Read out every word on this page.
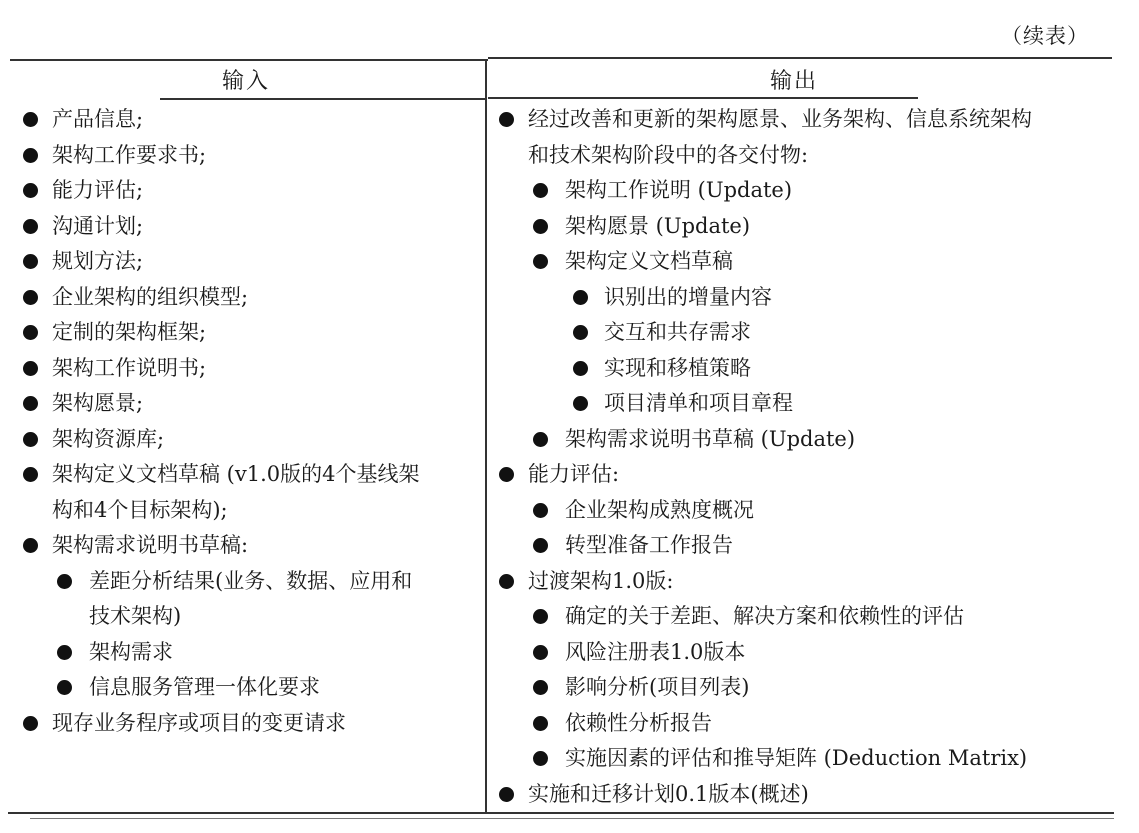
（续表）
输入	输出
产品信息;
架构工作要求书;
能力评估;
沟通计划;
规划方法;
企业架构的组织模型;
定制的架构框架;
架构工作说明书;
架构愿景;
架构资源库;
架构定义文档草稿 (v1.0版的4个基线架
构和4个目标架构);
架构需求说明书草稿:
差距分析结果(业务、数据、应用和
技术架构)
架构需求
信息服务管理一体化要求
现存业务程序或项目的变更请求
经过改善和更新的架构愿景、业务架构、信息系统架构
和技术架构阶段中的各交付物:
架构工作说明 (Update)
架构愿景 (Update)
架构定义文档草稿
识别出的增量内容
交互和共存需求
实现和移植策略
项目清单和项目章程
架构需求说明书草稿 (Update)
能力评估:
企业架构成熟度概况
转型准备工作报告
过渡架构1.0版:
确定的关于差距、解决方案和依赖性的评估
风险注册表1.0版本
影响分析(项目列表)
依赖性分析报告
实施因素的评估和推导矩阵 (Deduction Matrix)
实施和迁移计划0.1版本(概述)
